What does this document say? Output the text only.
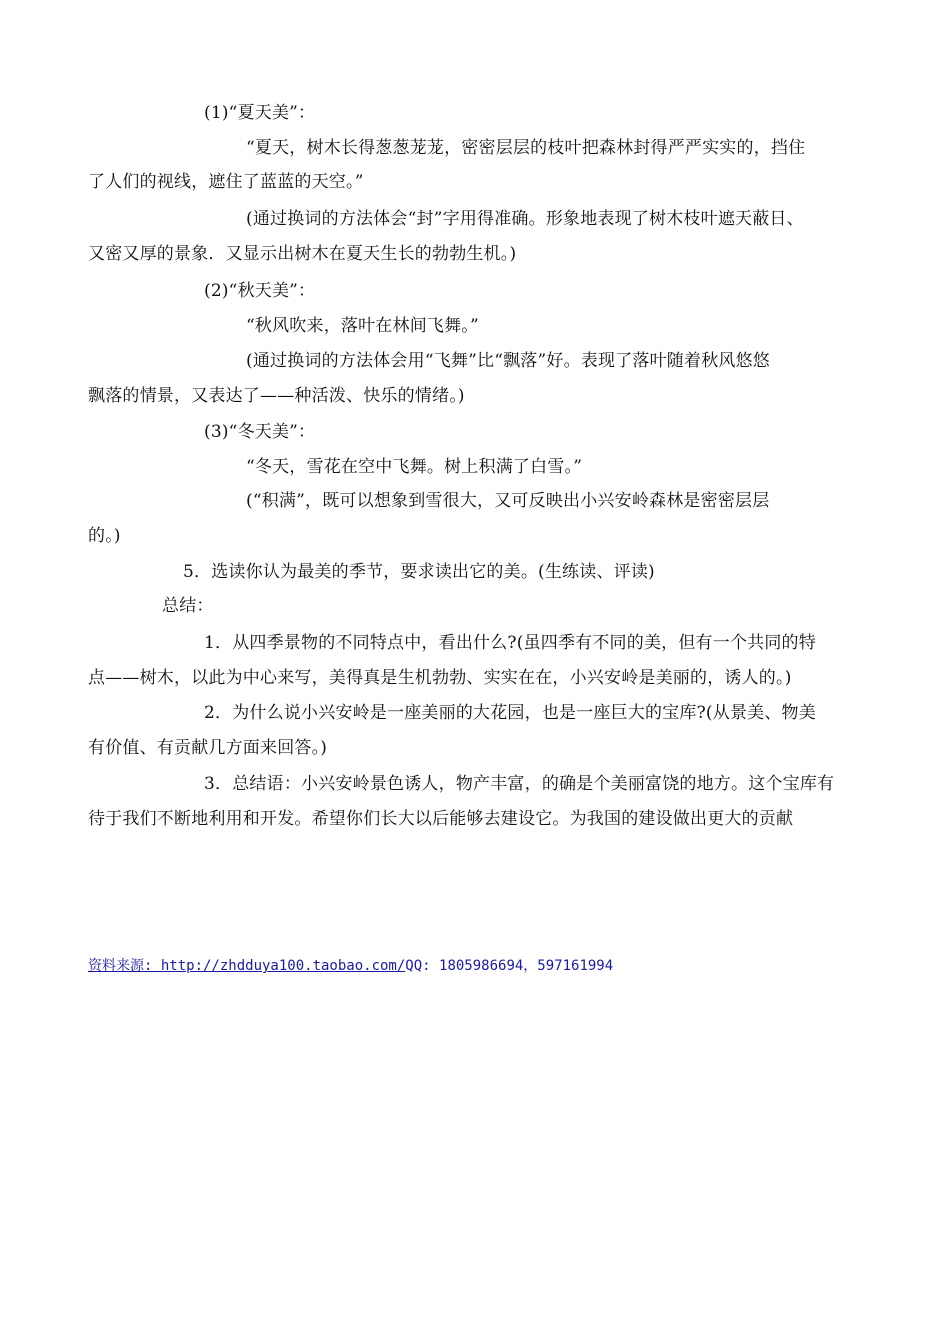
(1)“夏天美”：
“夏天，树木长得葱葱茏茏，密密层层的枝叶把森林封得严严实实的，挡住
了人们的视线，遮住了蓝蓝的天空。”
(通过换词的方法体会“封”字用得准确。形象地表现了树木枝叶遮天蔽日、
又密又厚的景象．又显示出树木在夏天生长的勃勃生机。)
(2)“秋天美”：
“秋风吹来，落叶在林间飞舞。”
(通过换词的方法体会用“飞舞”比“飘落”好。表现了落叶随着秋风悠悠
飘落的情景，又表达了——种活泼、快乐的情绪。)
(3)“冬天美”：
“冬天，雪花在空中飞舞。树上积满了白雪。”
(“积满”，既可以想象到雪很大，又可反映出小兴安岭森林是密密层层
的。)
5．选读你认为最美的季节，要求读出它的美。(生练读、评读)
总结：
1．从四季景物的不同特点中，看出什么?(虽四季有不同的美，但有一个共同的特
点——树木，以此为中心来写，美得真是生机勃勃、实实在在，小兴安岭是美丽的，诱人的。)
2．为什么说小兴安岭是一座美丽的大花园，也是一座巨大的宝库?(从景美、物美
有价值、有贡献几方面来回答。)
3．总结语：小兴安岭景色诱人，物产丰富，的确是个美丽富饶的地方。这个宝库有
待于我们不断地利用和开发。希望你们长大以后能够去建设它。为我国的建设做出更大的贡献
资料来源: http://zhdduya100.taobao.com/QQ: 1805986694，597161994
